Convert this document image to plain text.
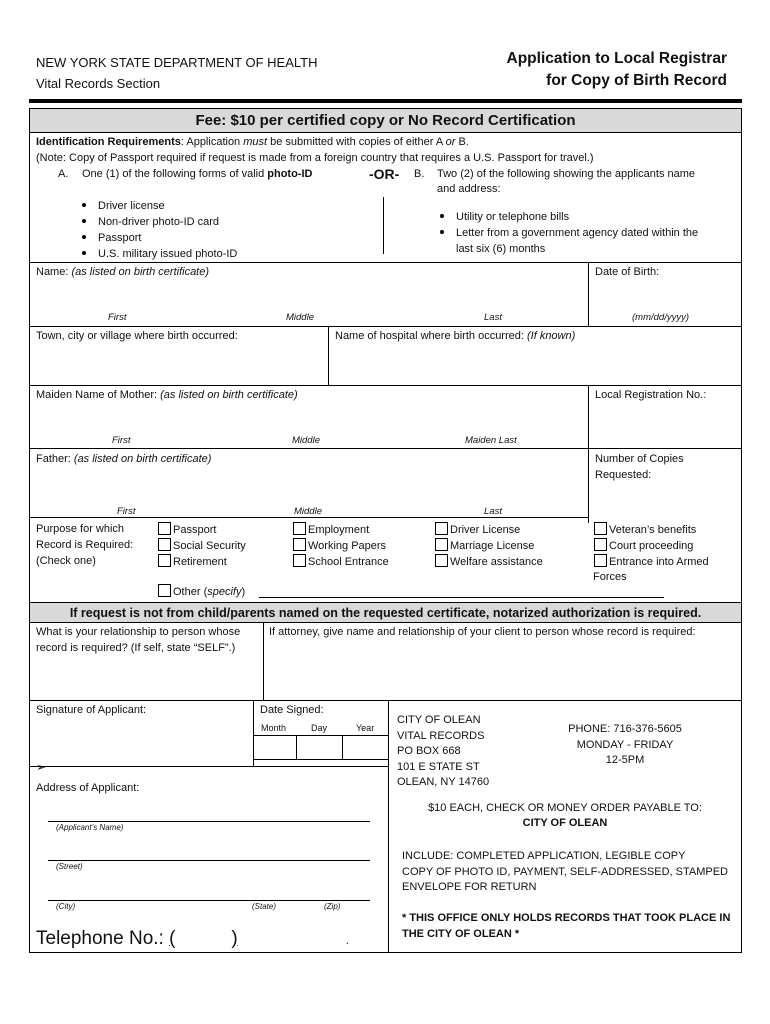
NEW YORK STATE DEPARTMENT OF HEALTH
Vital Records Section
Application to Local Registrar
for Copy of Birth Record
Fee: $10 per certified copy or No Record Certification
Identification Requirements: Application must be submitted with copies of either A or B.
(Note: Copy of Passport required if request is made from a foreign country that requires a U.S. Passport for travel.)
A. One (1) of the following forms of valid photo-ID	-OR-
Driver license
Non-driver photo-ID card
Passport
U.S. military issued photo-ID
B. Two (2) of the following showing the applicants name
and address:
Utility or telephone bills
Letter from a government agency dated within the
last six (6) months
Name: (as listed on birth certificate)
First	Middle	Last
Date of Birth:
(mm/dd/yyyy)
Town, city or village where birth occurred:	Name of hospital where birth occurred: (If known)
Maiden Name of Mother: (as listed on birth certificate)
First	Middle	Maiden Last
Local Registration No.:
Father: (as listed on birth certificate)
First	Middle	Last
Number of Copies
Requested:
Purpose for which
Record is Required:
(Check one)
Passport
Social Security
Retirement
Employment
Working Papers
School Entrance
Driver License
Marriage License
Welfare assistance
Veteran’s benefits
Court proceeding
Entrance into Armed
Forces
Other (specify)
If request is not from child/parents named on the requested certificate, notarized authorization is required.
What is your relationship to person whose
record is required? (If self, state “SELF”.)
If attorney, give name and relationship of your client to person whose record is required:
Signature of Applicant:
➢
Date Signed:
Month	Day	Year
Address of Applicant:
(Applicant’s Name)
(Street)
(City)	(State)	(Zip)
Telephone No.: (	)	.
CITY OF OLEAN
VITAL RECORDS
PO BOX 668
101 E STATE ST
OLEAN, NY 14760
PHONE: 716-376-5605
MONDAY - FRIDAY
12-5PM
$10 EACH, CHECK OR MONEY ORDER PAYABLE TO:
CITY OF OLEAN
INCLUDE: COMPLETED APPLICATION, LEGIBLE COPY
COPY OF PHOTO ID, PAYMENT, SELF-ADDRESSED, STAMPED
ENVELOPE FOR RETURN
* THIS OFFICE ONLY HOLDS RECORDS THAT TOOK PLACE IN
THE CITY OF OLEAN *
